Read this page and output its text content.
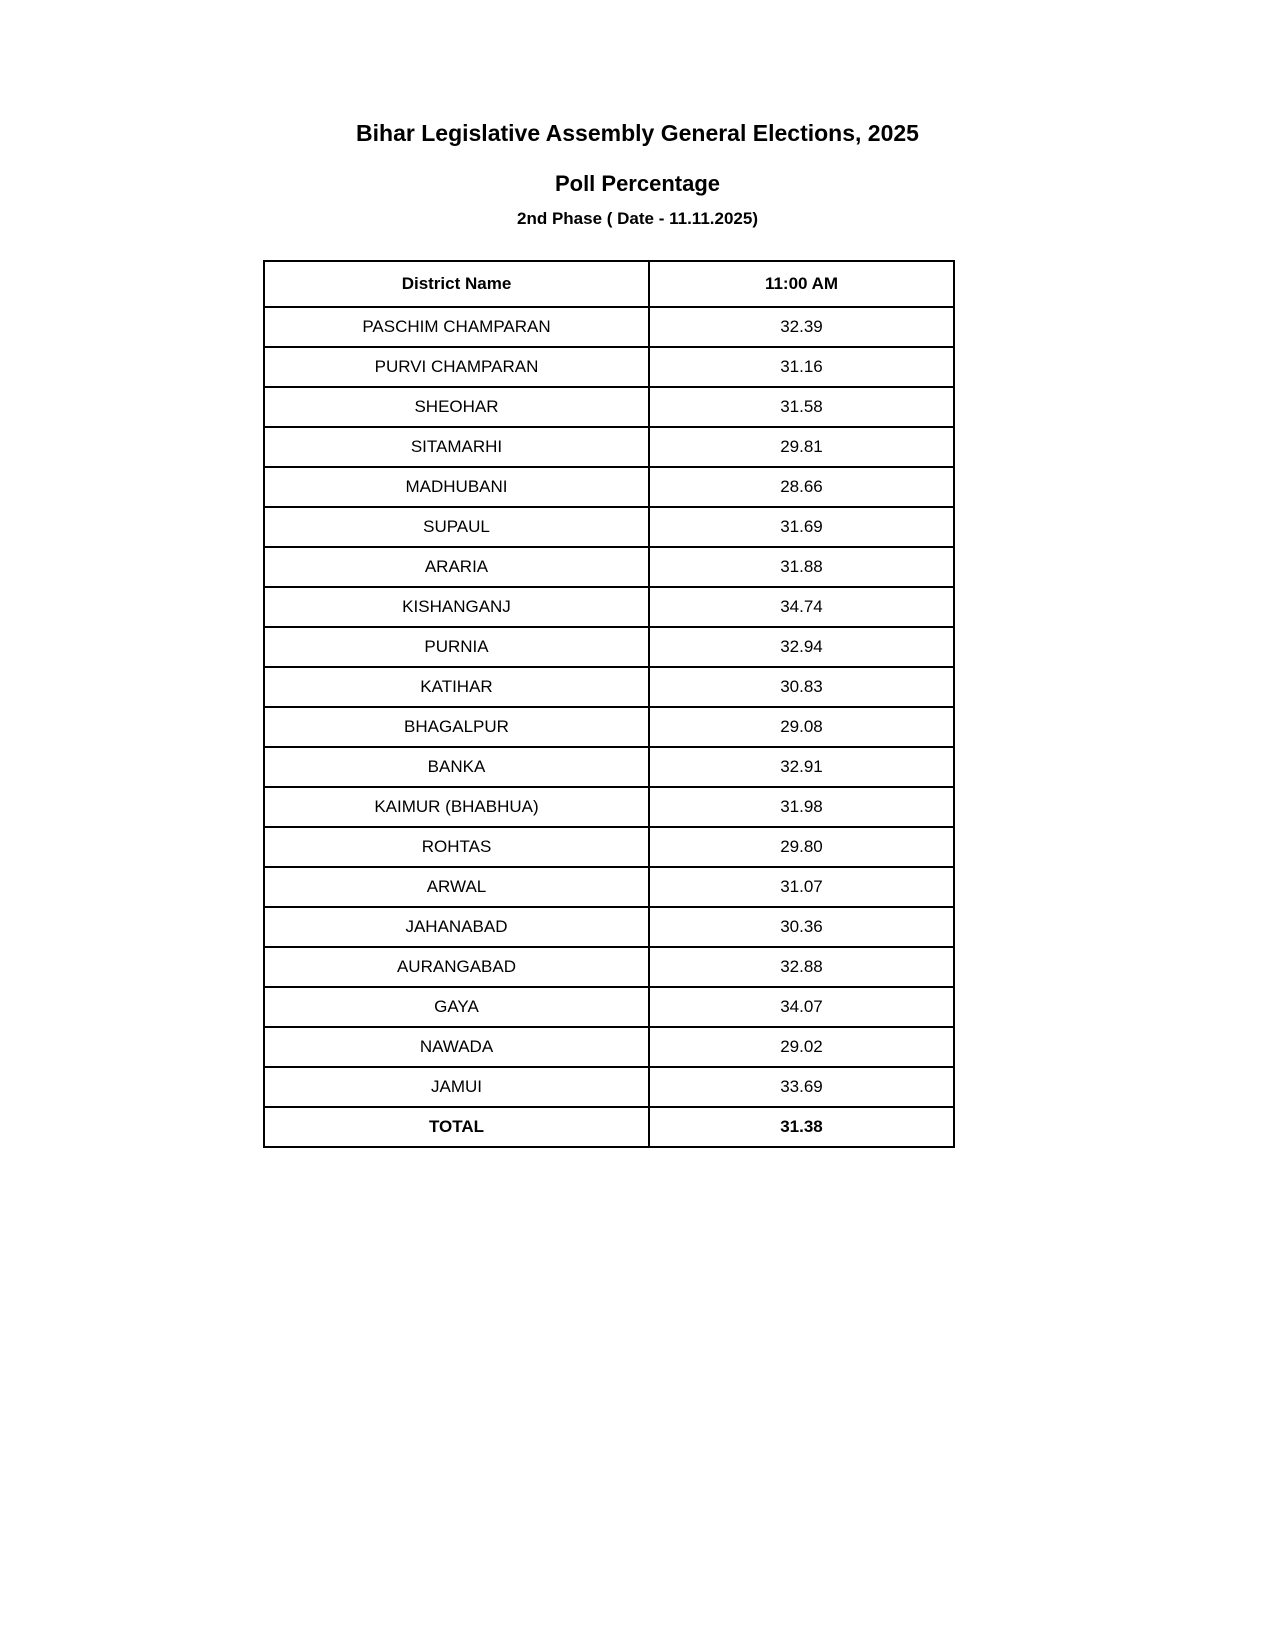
Bihar Legislative Assembly General Elections, 2025
Poll Percentage
2nd Phase ( Date - 11.11.2025)
District Name	11:00 AM
PASCHIM CHAMPARAN	32.39
PURVI CHAMPARAN	31.16
SHEOHAR	31.58
SITAMARHI	29.81
MADHUBANI	28.66
SUPAUL	31.69
ARARIA	31.88
KISHANGANJ	34.74
PURNIA	32.94
KATIHAR	30.83
BHAGALPUR	29.08
BANKA	32.91
KAIMUR (BHABHUA)	31.98
ROHTAS	29.80
ARWAL	31.07
JAHANABAD	30.36
AURANGABAD	32.88
GAYA	34.07
NAWADA	29.02
JAMUI	33.69
TOTAL	31.38
